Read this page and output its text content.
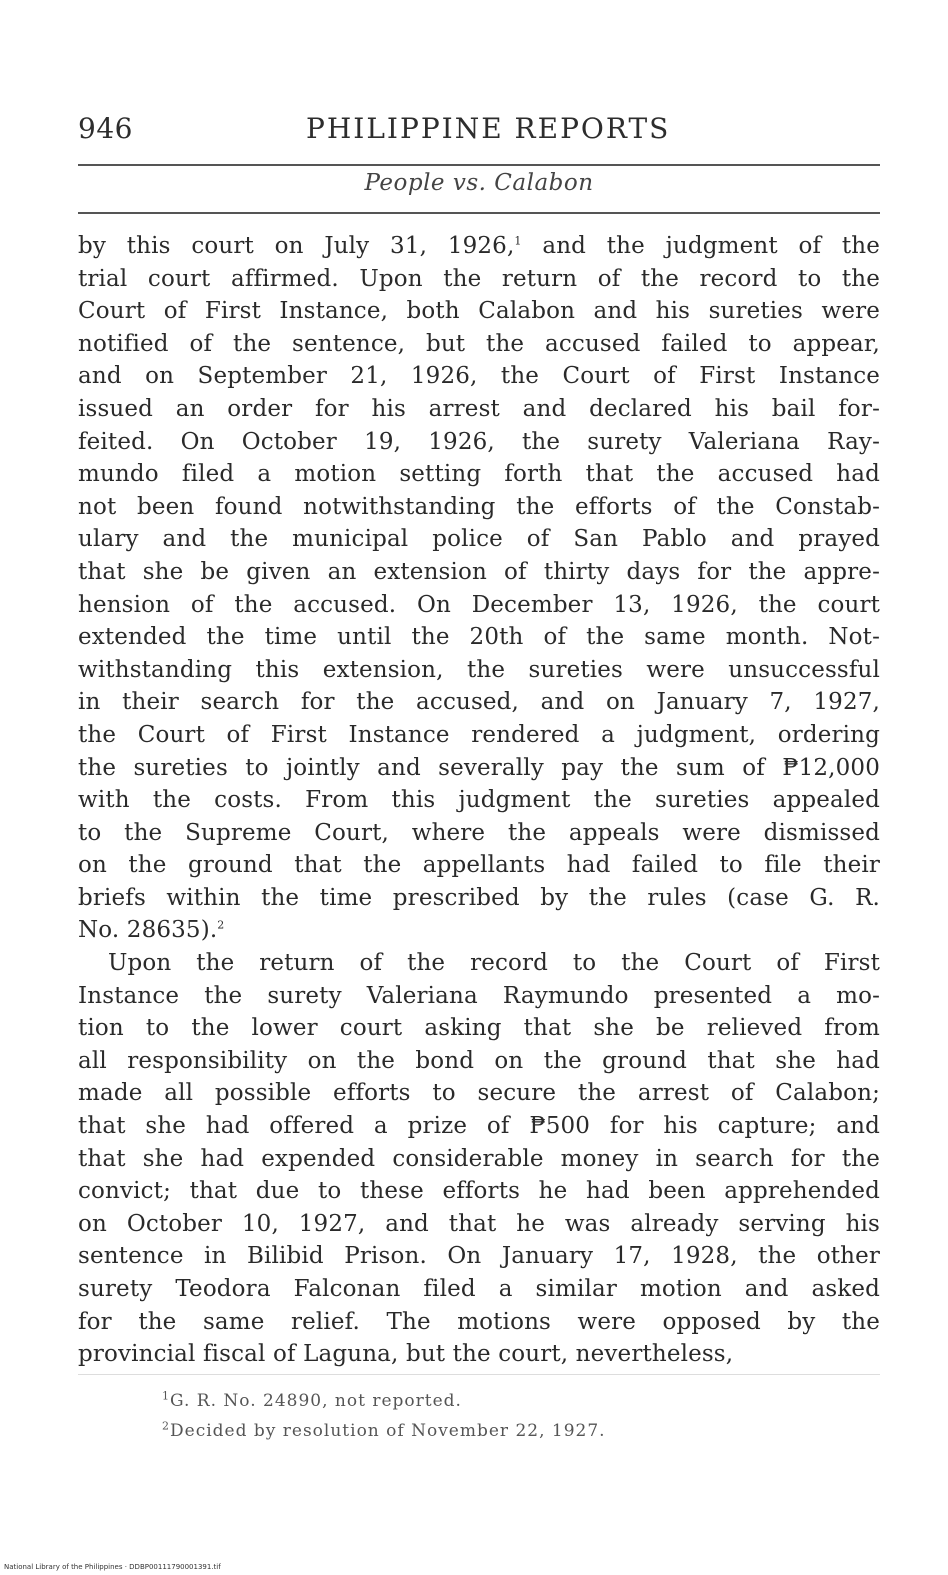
946	PHILIPPINE REPORTS
People vs. Calabon
by this court on July 31, 1926,$^1$ and the judgment of the
trial court affirmed. Upon the return of the record to the
Court of First Instance, both Calabon and his sureties were
notified of the sentence, but the accused failed to appear,
and on September 21, 1926, the Court of First Instance
issued an order for his arrest and declared his bail for-
feited. On October 19, 1926, the surety Valeriana Ray-
mundo filed a motion setting forth that the accused had
not been found notwithstanding the efforts of the Constab-
ulary and the municipal police of San Pablo and prayed
that she be given an extension of thirty days for the appre-
hension of the accused. On December 13, 1926, the court
extended the time until the 20th of the same month. Not-
withstanding this extension, the sureties were unsuccessful
in their search for the accused, and on January 7, 1927,
the Court of First Instance rendered a judgment, ordering
the sureties to jointly and severally pay the sum of ₱12,000
with the costs. From this judgment the sureties appealed
to the Supreme Court, where the appeals were dismissed
on the ground that the appellants had failed to file their
briefs within the time prescribed by the rules (case G. R.
No. 28635).$^2$
Upon the return of the record to the Court of First
Instance the surety Valeriana Raymundo presented a mo-
tion to the lower court asking that she be relieved from
all responsibility on the bond on the ground that she had
made all possible efforts to secure the arrest of Calabon;
that she had offered a prize of ₱500 for his capture; and
that she had expended considerable money in search for the
convict; that due to these efforts he had been apprehended
on October 10, 1927, and that he was already serving his
sentence in Bilibid Prison. On January 17, 1928, the other
surety Teodora Falconan filed a similar motion and asked
for the same relief. The motions were opposed by the
provincial fiscal of Laguna, but the court, nevertheless,
$^1$G. R. No. 24890, not reported.
$^2$Decided by resolution of November 22, 1927.
National Library of the Philippines · DDBP00111790001391.tif
